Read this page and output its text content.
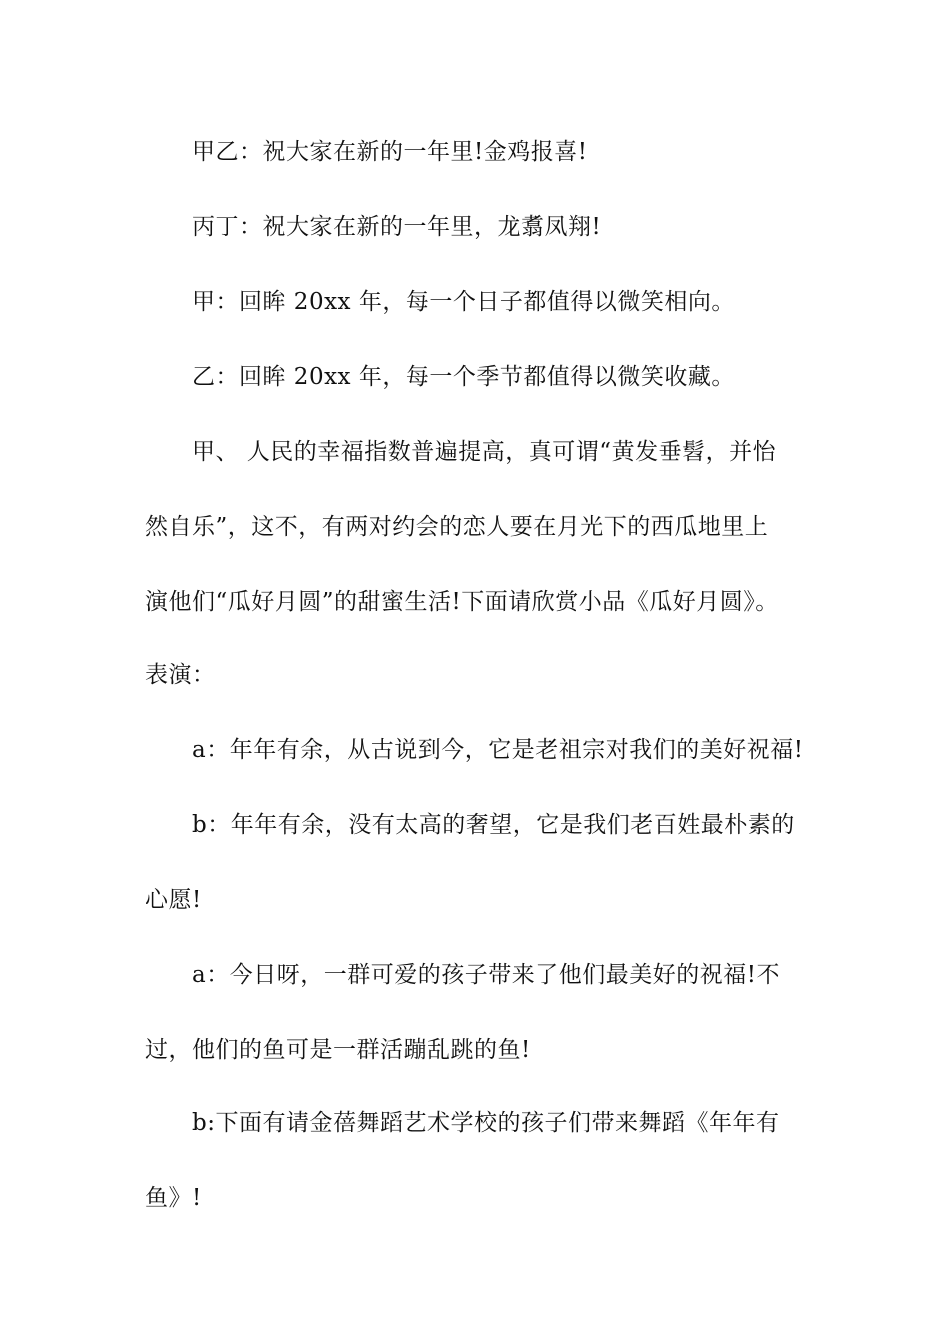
甲乙：祝大家在新的一年里!金鸡报喜!
丙丁：祝大家在新的一年里，龙翥凤翔!
甲：回眸 20xx 年，每一个日子都值得以微笑相向。
乙：回眸 20xx 年，每一个季节都值得以微笑收藏。
甲、 人民的幸福指数普遍提高，真可谓“黄发垂髫，并怡
然自乐”，这不，有两对约会的恋人要在月光下的西瓜地里上
演他们“瓜好月圆”的甜蜜生活!下面请欣赏小品《瓜好月圆》。
表演：
a：年年有余，从古说到今，它是老祖宗对我们的美好祝福!
b：年年有余，没有太高的奢望，它是我们老百姓最朴素的
心愿!
a：今日呀，一群可爱的孩子带来了他们最美好的祝福!不
过，他们的鱼可是一群活蹦乱跳的鱼!
b:下面有请金蓓舞蹈艺术学校的孩子们带来舞蹈《年年有
鱼》!
